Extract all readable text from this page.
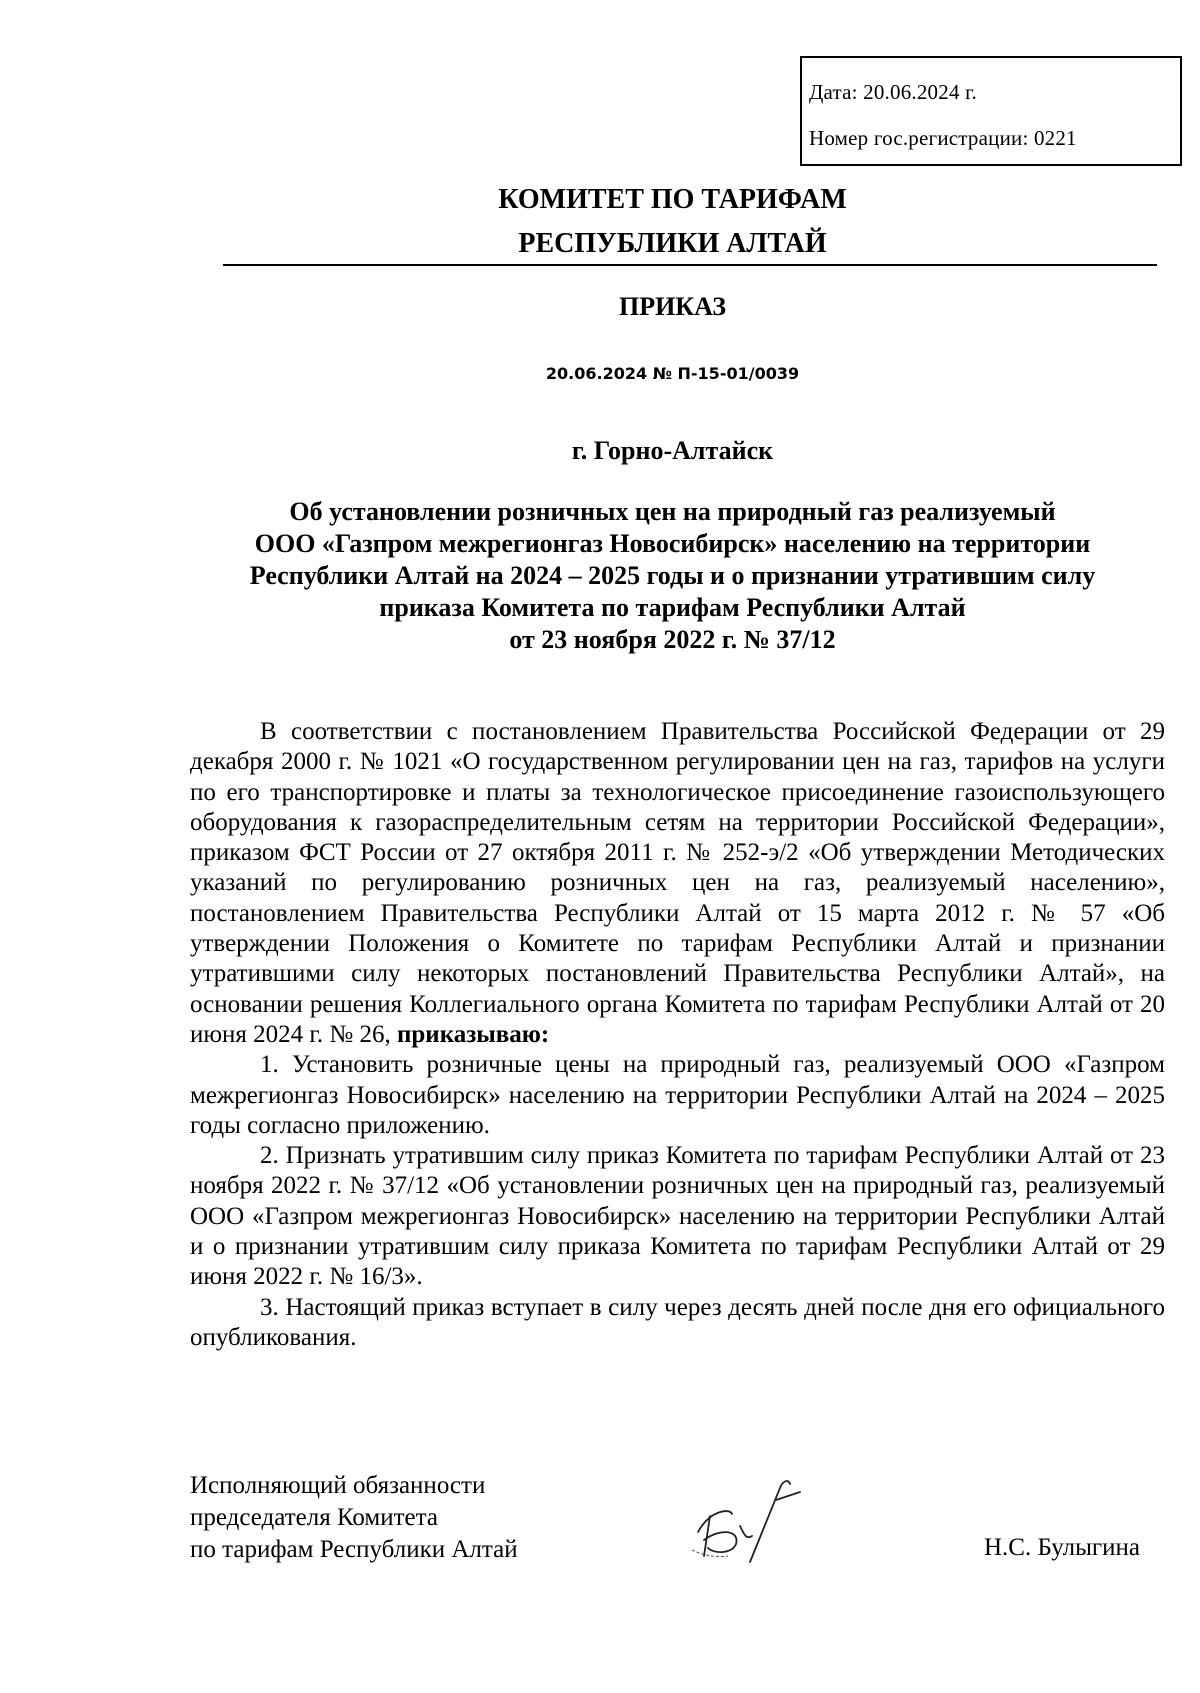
Дата: 20.06.2024 г.
Номер гос.регистрации: 0221
КОМИТЕТ ПО ТАРИФАМ
РЕСПУБЛИКИ АЛТАЙ
ПРИКАЗ
20.06.2024 № П-15-01/0039
г. Горно-Алтайск
Об установлении розничных цен на природный газ реализуемый
ООО «Газпром межрегионгаз Новосибирск» населению на территории
Республики Алтай на 2024 – 2025 годы и о признании утратившим силу
приказа Комитета по тарифам Республики Алтай
от 23 ноября 2022 г. № 37/12

В соответствии с постановлением Правительства Российской Федерации от 29 декабря 2000 г. № 1021 «О государственном регулировании цен на газ, тарифов на услуги по его транспортировке и платы за технологическое присоединение газоиспользующего оборудования к газораспределительным сетям на территории Российской Федерации», приказом ФСТ России от 27 октября 2011 г. № 252-э/2 «Об утверждении Методических указаний по регулированию розничных цен на газ, реализуемый населению», постановлением Правительства Республики Алтай от 15 марта 2012 г. № 57 «Об утверждении Положения о Комитете по тарифам Республики Алтай и признании утратившими силу некоторых постановлений Правительства Республики Алтай», на основании решения Коллегиального органа Комитета по тарифам Республики Алтай от 20 июня 2024 г. № 26, приказываю:

1. Установить розничные цены на природный газ, реализуемый ООО «Газпром межрегионгаз Новосибирск» населению на территории Республики Алтай на 2024 – 2025 годы согласно приложению.

2. Признать утратившим силу приказ Комитета по тарифам Республики Алтай от 23 ноября 2022 г. № 37/12 «Об установлении розничных цен на природный газ, реализуемый ООО «Газпром межрегионгаз Новосибирск» населению на территории Республики Алтай и о признании утратившим силу приказа Комитета по тарифам Республики Алтай от 29 июня 2022 г. № 16/3».

3. Настоящий приказ вступает в силу через десять дней после дня его официального опубликования.

Исполняющий обязанности
председателя Комитета
по тарифам Республики Алтай	Н.С. Булыгина
